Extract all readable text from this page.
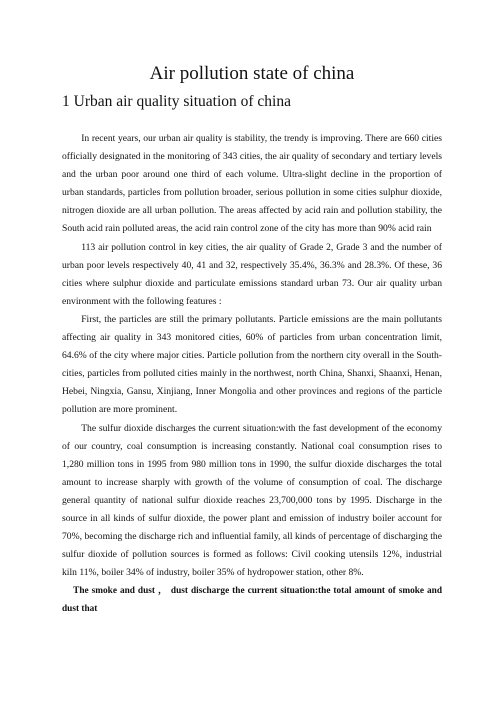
Air pollution state of china
1 Urban air quality situation of china

In recent years, our urban air quality is stability, the trendy is improving. There are 660 cities officially designated in the monitoring of 343 cities, the air quality of secondary and tertiary levels and the urban poor around one third of each volume. Ultra-slight decline in the proportion of urban standards, particles from pollution broader, serious pollution in some cities sulphur dioxide, nitrogen dioxide are all urban pollution. The areas affected by acid rain and pollution stability, the South acid rain polluted areas, the acid rain control zone of the city has more than 90% acid rain

113 air pollution control in key cities, the air quality of Grade 2, Grade 3 and the number of urban poor levels respectively 40, 41 and 32, respectively 35.4%, 36.3% and 28.3%. Of these, 36 cities where sulphur dioxide and particulate emissions standard urban 73. Our air quality urban environment with the following features :

First, the particles are still the primary pollutants. Particle emissions are the main pollutants affecting air quality in 343 monitored cities, 60% of particles from urban concentration limit, 64.6% of the city where major cities. Particle pollution from the northern city overall in the South-cities, particles from polluted cities mainly in the northwest, north China, Shanxi, Shaanxi, Henan, Hebei, Ningxia, Gansu, Xinjiang, Inner Mongolia and other provinces and regions of the particle pollution are more prominent.

The sulfur dioxide discharges the current situation:with the fast development of the economy of our country, coal consumption is increasing constantly. National coal consumption rises to 1,280 million tons in 1995 from 980 million tons in 1990, the sulfur dioxide discharges the total amount to increase sharply with growth of the volume of consumption of coal. The discharge general quantity of national sulfur dioxide reaches 23,700,000 tons by 1995. Discharge in the source in all kinds of sulfur dioxide, the power plant and emission of industry boiler account for 70%, becoming the discharge rich and influential family, all kinds of percentage of discharging the sulfur dioxide of pollution sources is formed as follows: Civil cooking utensils 12%, industrial kiln 11%, boiler 34% of industry, boiler 35% of hydropower station, other 8%.

The smoke and dust ， dust discharge the current situation:the total amount of smoke and dust that
